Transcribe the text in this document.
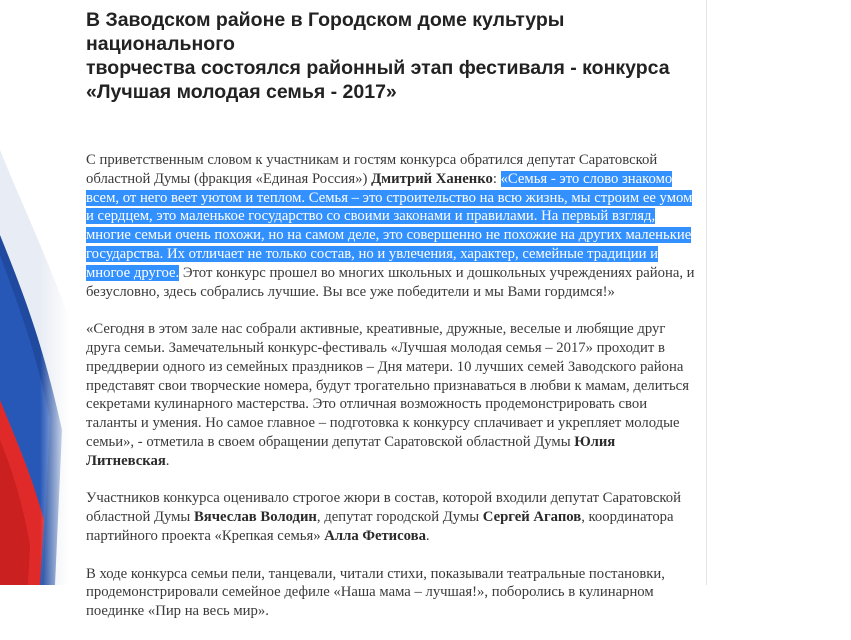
В Заводском районе в Городском доме культуры национального
творчества состоялся районный этап фестиваля - конкурса
«Лучшая молодая семья - 2017»

С приветственным словом к участникам и гостям конкурса обратился депутат Саратовской областной Думы (фракция «Единая Россия») Дмитрий Ханенко: «Семья - это слово знакомо всем, от него веет уютом и теплом. Семья – это строительство на всю жизнь, мы строим ее умом и сердцем, это маленькое государство со своими законами и правилами. На первый взгляд, многие семьи очень похожи, но на самом деле, это совершенно не похожие на других маленькие государства. Их отличает не только состав, но и увлечения, характер, семейные традиции и многое другое. Этот конкурс прошел во многих школьных и дошкольных учреждениях района, и безусловно, здесь собрались лучшие. Вы все уже победители и мы Вами гордимся!»

«Сегодня в этом зале нас собрали активные, креативные, дружные, веселые и любящие друг друга семьи. Замечательный конкурс-фестиваль «Лучшая молодая семья – 2017» проходит в преддверии одного из семейных праздников – Дня матери. 10 лучших семей Заводского района представят свои творческие номера, будут трогательно признаваться в любви к мамам, делиться секретами кулинарного мастерства. Это отличная возможность продемонстрировать свои таланты и умения. Но самое главное – подготовка к конкурсу сплачивает и укрепляет молодые семьи», - отметила в своем обращении депутат Саратовской областной Думы Юлия Литневская.

Участников конкурса оценивало строгое жюри в состав, которой входили депутат Саратовской областной Думы Вячеслав Володин, депутат городской Думы Сергей Агапов, координатора партийного проекта «Крепкая семья» Алла Фетисова.

В ходе конкурса семьи пели, танцевали, читали стихи, показывали театральные постановки, продемонстрировали семейное дефиле «Наша мама – лучшая!», поборолись в кулинарном поединке «Пир на весь мир».
